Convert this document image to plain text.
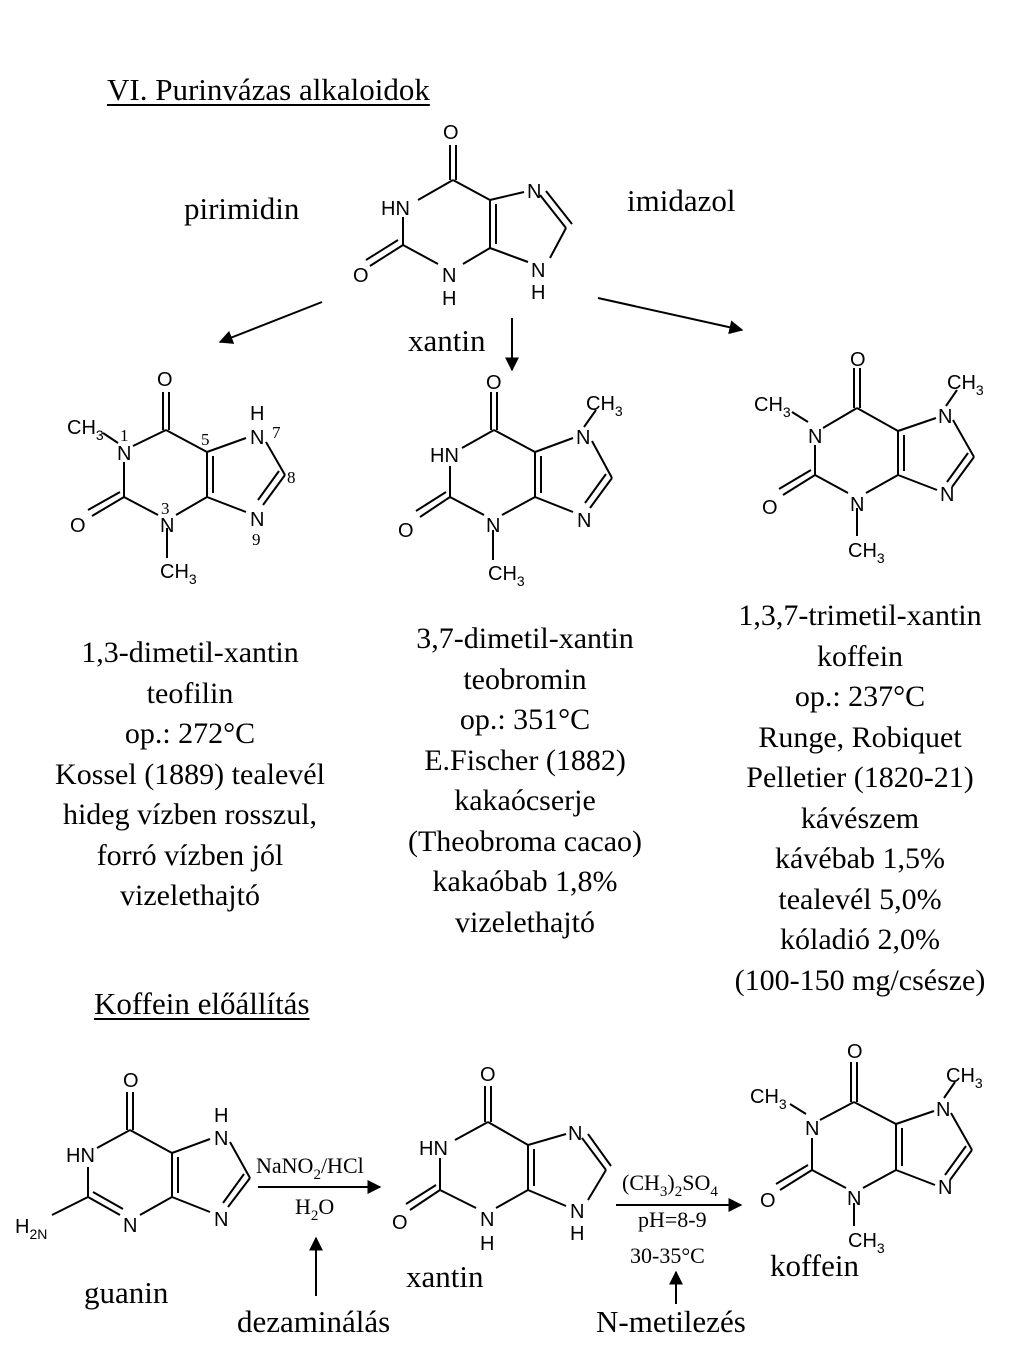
VI. Purinvázas alkaloidok
pirimidin	imidazol
xantin
1,3-dimetil-xantin
teofilin
op.: 272°C
Kossel (1889) tealevél
hideg vízben rosszul,
forró vízben jól
vizelethajtó
3,7-dimetil-xantin
teobromin
op.: 351°C
E.Fischer (1882)
kakaócserje
(Theobroma cacao)
kakaóbab 1,8%
vizelethajtó
1,3,7-trimetil-xantin
koffein
op.: 237°C
Runge, Robiquet
Pelletier (1820-21)
kávészem
kávébab 1,5%
tealevél 5,0%
kóladió 2,0%
(100-150 mg/csésze)
Koffein előállítás
guanin	xantin	koffein
dezaminálás	N-metilezés
O
HN
O	N
H
N
N
H
O
$CH_3$
N
O	N
$CH_3$
H
N
N
1
3
5	7
8
9
O
HN
O	N
$CH_3$
N
$CH_3$
N
O
$CH_3$
N
O	N
$CH_3$
N
$CH_3$
N
O
HN
$H_{2N}$	N
H
N
N
NaNO$_2$/HCl
$H_2O$
O
HN
O	N
H
N
N
H
$(CH_3)_2SO_4$
pH=8-9
30-35°C
O
$CH_3$
N
O	N
$CH_3$
N
$CH_3$
N
